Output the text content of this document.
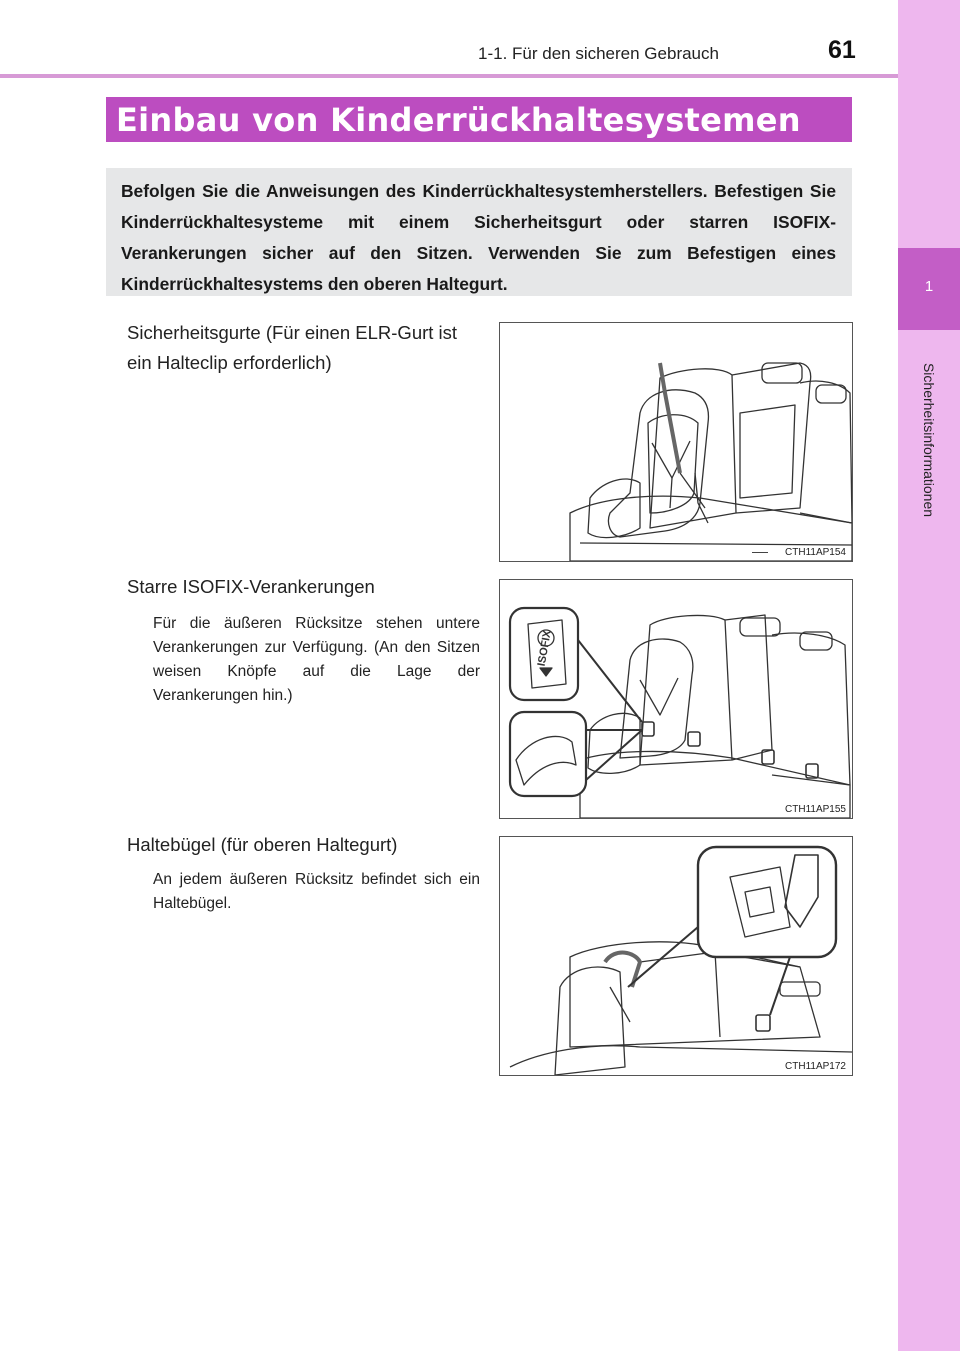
1-1. Für den sicheren Gebrauch	61
1
Sicherheitsinformationen
Einbau von Kinderrückhaltesystemen

Befolgen Sie die Anweisungen des Kinderrückhaltesystemherstellers. Befestigen Sie Kinderrückhaltesysteme mit einem Sicherheitsgurt oder starren ISOFIX-Verankerungen sicher auf den Sitzen. Verwenden Sie zum Befestigen eines Kinderrückhaltesystems den oberen Haltegurt.

Sicherheitsgurte (Für einen ELR-Gurt ist ein Halteclip erforderlich)
CTH11AP154
Starre ISOFIX-Verankerungen
Für die äußeren Rücksitze stehen untere Verankerungen zur Verfügung. (An den Sitzen weisen Knöpfe auf die Lage der Verankerungen hin.)
ISOFIX
CTH11AP155
Haltebügel (für oberen Haltegurt)
An jedem äußeren Rücksitz befindet sich ein Haltebügel.
CTH11AP172
